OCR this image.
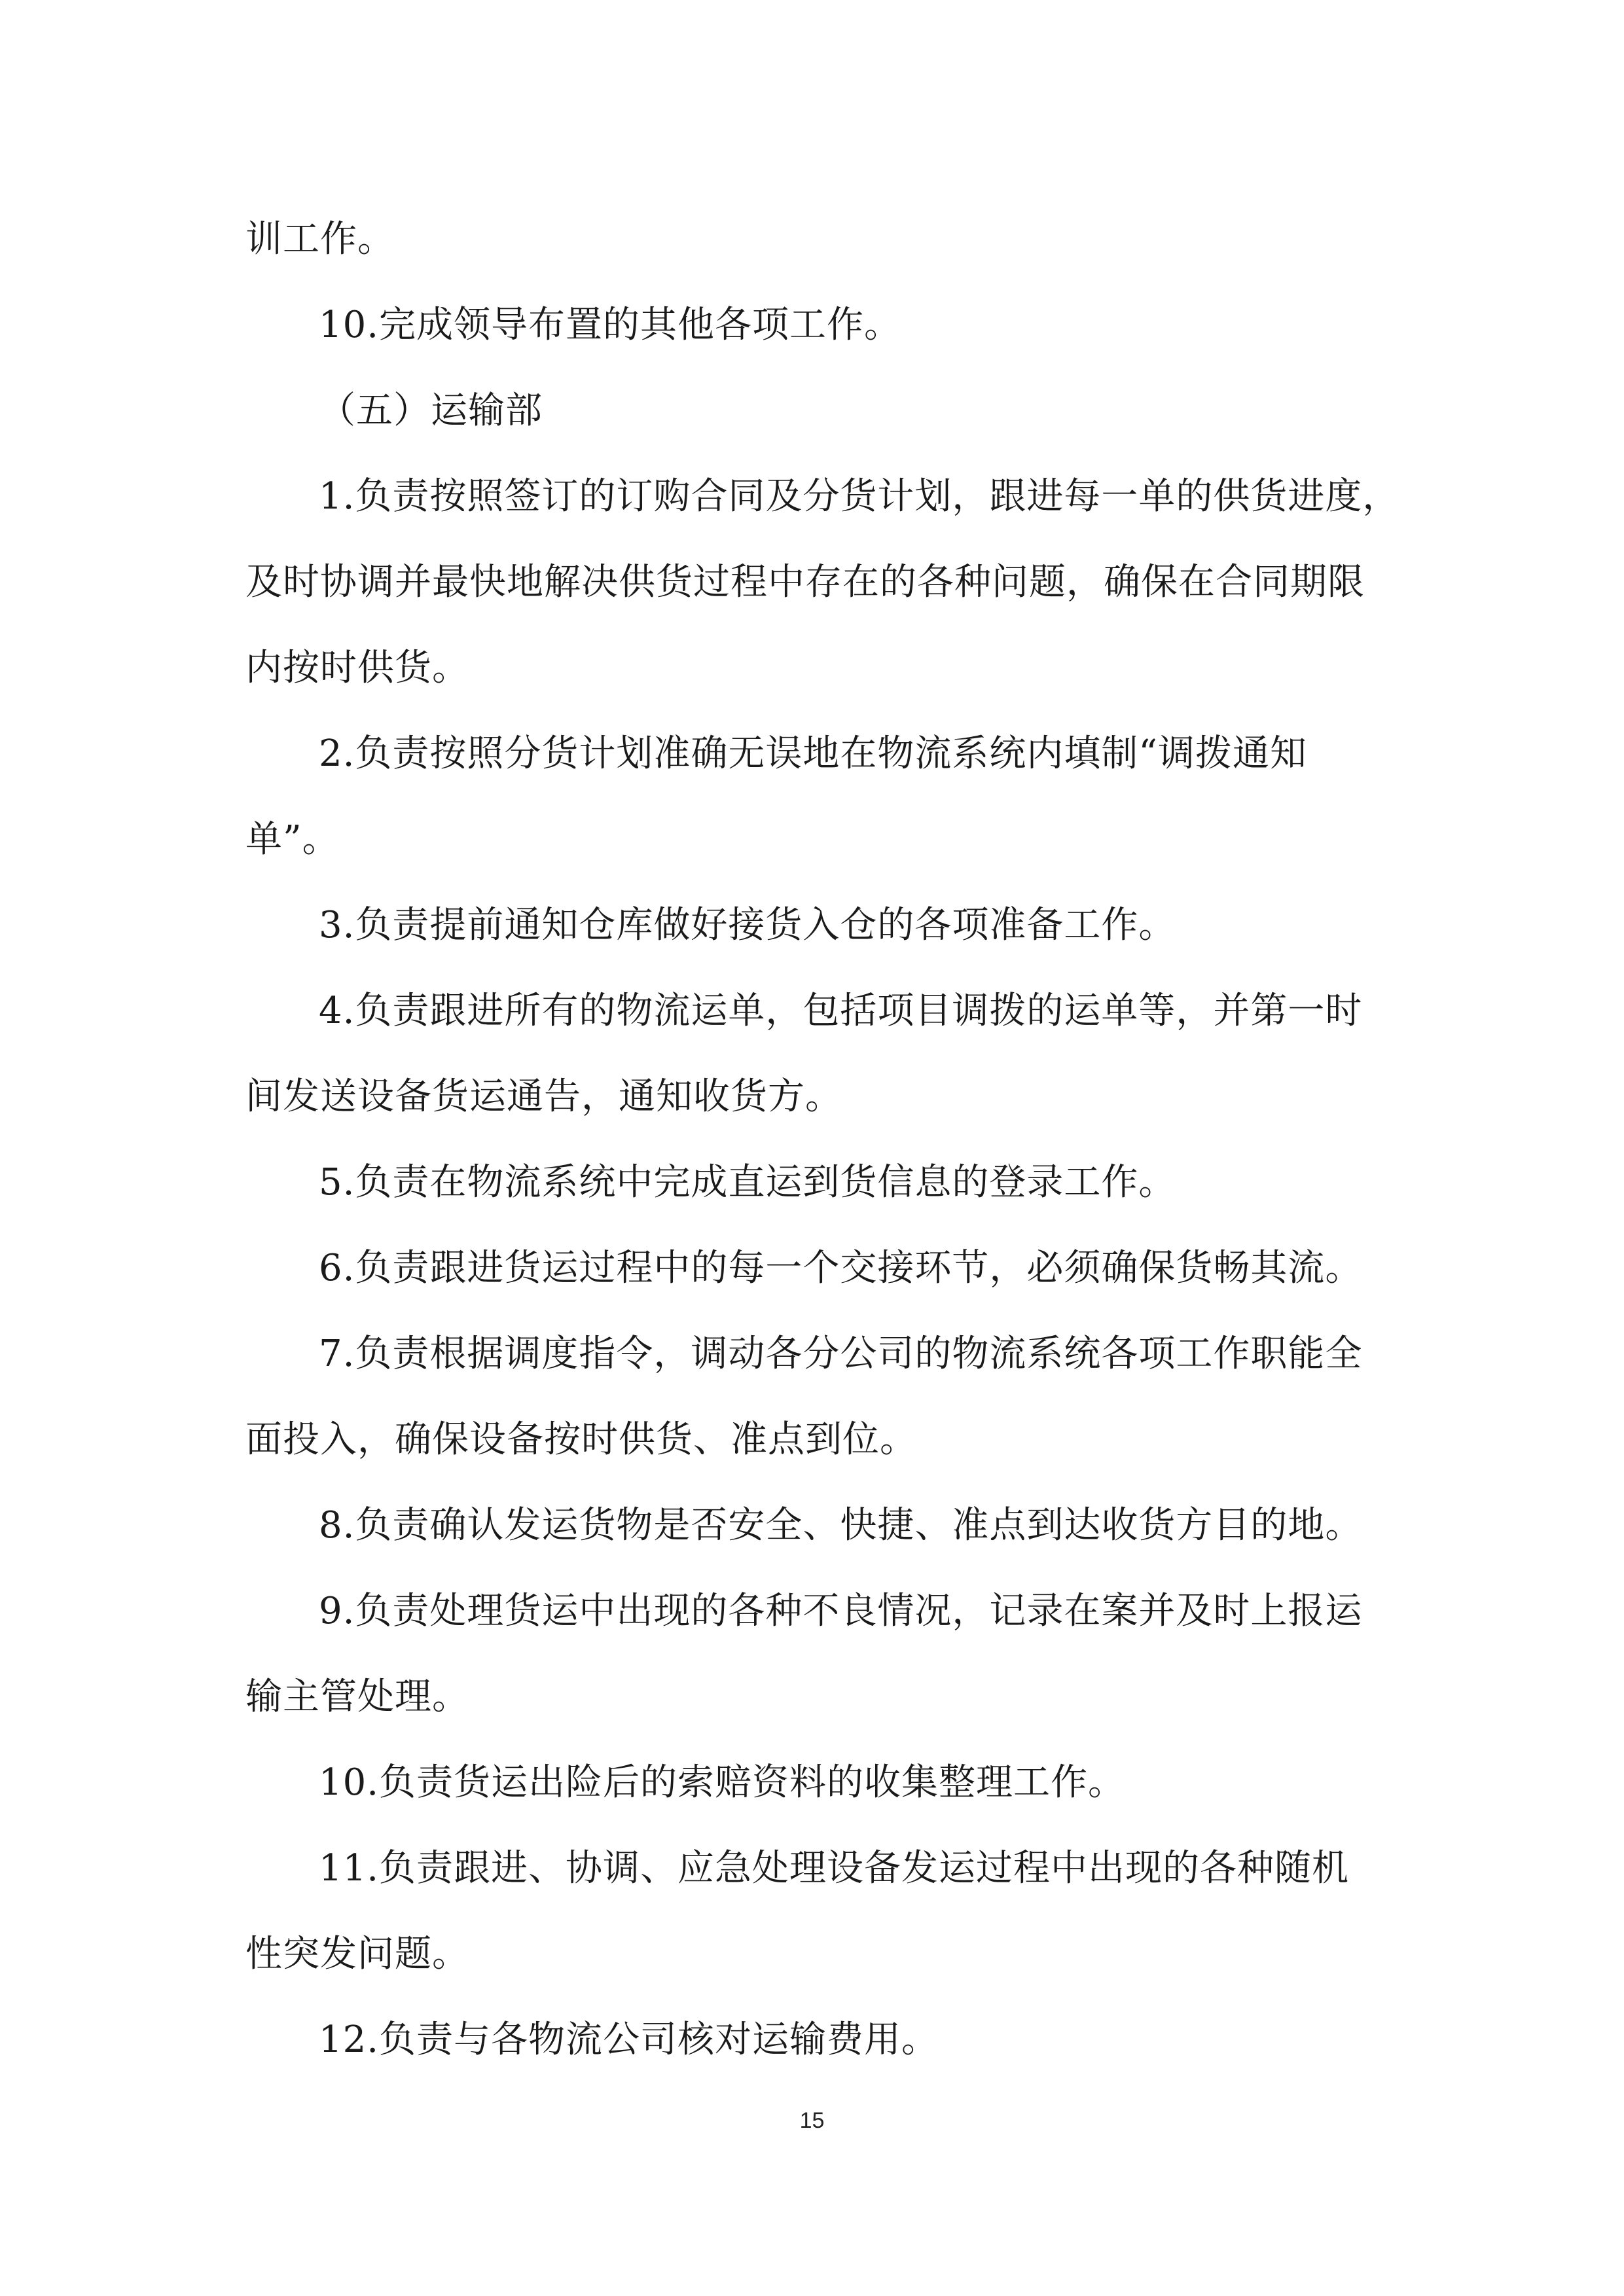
训工作。
10.完成领导布置的其他各项工作。
（五）运输部
1.负责按照签订的订购合同及分货计划，跟进每一单的供货进度，
及时协调并最快地解决供货过程中存在的各种问题，确保在合同期限
内按时供货。
2.负责按照分货计划准确无误地在物流系统内填制“调拨通知
单”。
3.负责提前通知仓库做好接货入仓的各项准备工作。
4.负责跟进所有的物流运单，包括项目调拨的运单等，并第一时
间发送设备货运通告，通知收货方。
5.负责在物流系统中完成直运到货信息的登录工作。
6.负责跟进货运过程中的每一个交接环节，必须确保货畅其流。
7.负责根据调度指令，调动各分公司的物流系统各项工作职能全
面投入，确保设备按时供货、准点到位。
8.负责确认发运货物是否安全、快捷、准点到达收货方目的地。
9.负责处理货运中出现的各种不良情况，记录在案并及时上报运
输主管处理。
10.负责货运出险后的索赔资料的收集整理工作。
11.负责跟进、协调、应急处理设备发运过程中出现的各种随机
性突发问题。
12.负责与各物流公司核对运输费用。
15
